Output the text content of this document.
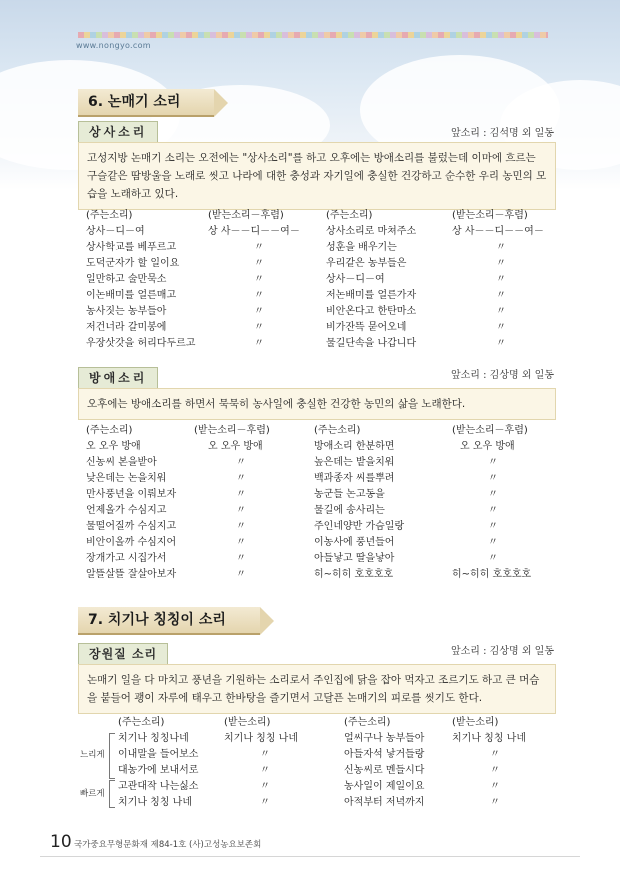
www.nongyo.com
6. 논매기 소리
상사소리	앞소리 : 김석명 외 일동
고성지방 논매기 소리는 오전에는 "상사소리"를 하고 오후에는 방애소리를 불렀는데 이마에 흐르는 구슬같은 땀방울을 노래로 씻고 나라에 대한 충성과 자기일에 충실한 건강하고 순수한 우리 농민의 모습을 노래하고 있다.
(주는소리)	(받는소리－후렴)	(주는소리)	(받는소리－후렴)
상사－디－여	상 사－－디－－여－	상사소리로 마쳐주소	상 사－－디－－여－
상사학교를 베푸르고	〃	성훈을 배우기는	〃
도덕군자가 할 일이요	〃	우리같은 농부들은	〃
일만하고 술만묵소	〃	상사－디－여	〃
이논배미를 얼른매고	〃	저논배미를 얼른가자	〃
농사짓는 농부들아	〃	비안온다고 한탄마소	〃
저건너라 갈미봉에	〃	비가잔뜩 묻어오네	〃
우장삿갓을 허리다두르고	〃	물길단속을 나갑니다	〃
방애소리	앞소리 : 김상명 외 일동
오후에는 방애소리를 하면서 묵묵히 농사일에 충실한 건강한 농민의 삶을 노래한다.
(주는소리)	(받는소리－후렴)	(주는소리)	(받는소리－후렴)
오 오우 방애	오 오우 방애	방애소리 한분하면	오 오우 방애
신농씨 본을받아	〃	높은데는 밭을치워	〃
낮은데는 논을치워	〃	백과종자 씨를뿌려	〃
만사풍년을 이뤄보자	〃	농군들 논고동을	〃
언제올가 수심지고	〃	물길에 송사리는	〃
물떨어질까 수심지고	〃	주인네양반 가슴일랑	〃
비안이올까 수심지어	〃	이농사에 풍년들어	〃
장개가고 시집가서	〃	아들낳고 딸을낳아	〃
알뜰살뜰 잘살아보자	〃	히~히히 호호호호	히~히히 호호호호
7. 치기나 칭칭이 소리
장원질 소리	앞소리 : 김상명 외 일동
논매기 일을 다 마치고 풍년을 기원하는 소리로서 주인집에 닭을 잡아 먹자고 조르기도 하고 큰 머슴을 붙들어 괭이 자루에 태우고 한바탕을 즐기면서 고달픈 논매기의 피로를 씻기도 한다.
(주는소리)	(받는소리)	(주는소리)	(받는소리)
치기나 칭칭나네	치기나 칭칭 나네	얼씨구나 농부들아	치기나 칭칭 나네
이내말을 들어보소	〃	아들자석 낳거들랑	〃
대농가에 보내서로	〃	신농씨로 멘들시다	〃
고관대작 나는싫소	〃	농사일이 제일이요	〃
치기나 칭칭 나네	〃	아적부터 저녁까지	〃
느리게
빠르게
10 국가중요무형문화재 제84-1호 (사)고성농요보존회
